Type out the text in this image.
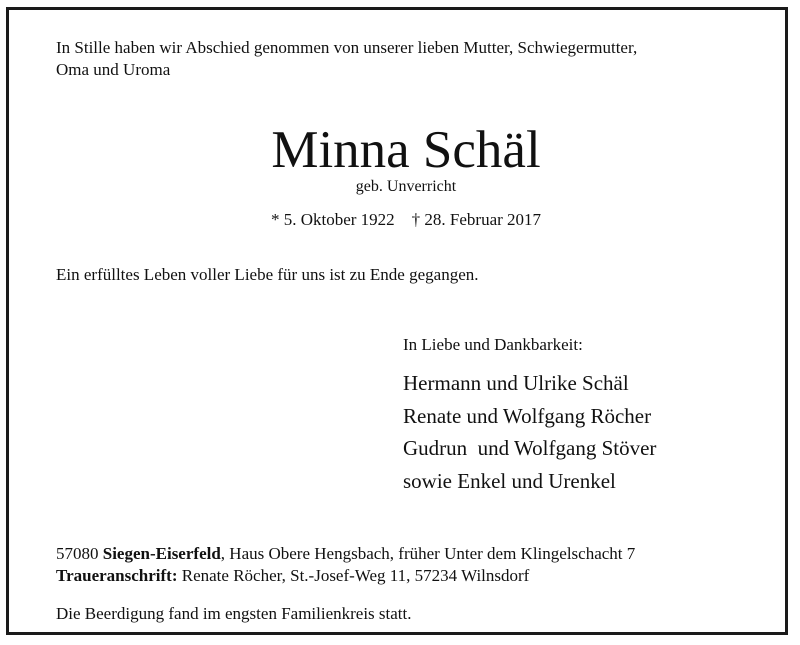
In Stille haben wir Abschied genommen von unserer lieben Mutter, Schwiegermutter,
Oma und Uroma

Minna Schäl

geb. Unverricht

* 5. Oktober 1922 † 28. Februar 2017

Ein erfülltes Leben voller Liebe für uns ist zu Ende gegangen.

In Liebe und Dankbarkeit:

Hermann und Ulrike Schäl
Renate und Wolfgang Röcher
Gudrun  und Wolfgang Stöver
sowie Enkel und Urenkel

57080 Siegen-Eiserfeld, Haus Obere Hengsbach, früher Unter dem Klingelschacht 7
Traueranschrift: Renate Röcher, St.-Josef-Weg 11, 57234 Wilnsdorf

Die Beerdigung fand im engsten Familienkreis statt.
